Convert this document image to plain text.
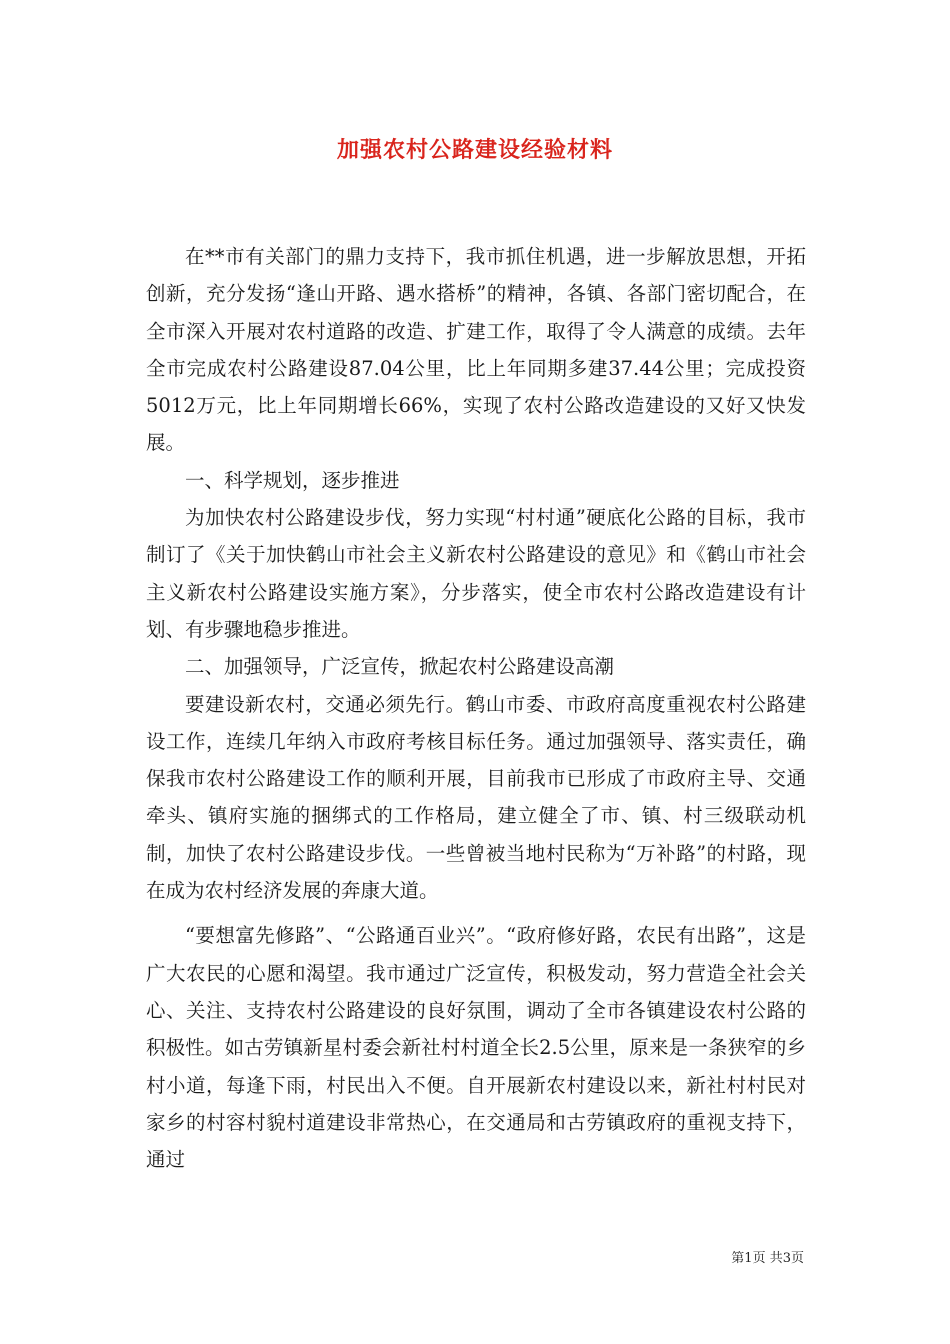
加强农村公路建设经验材料

在**市有关部门的鼎力支持下，我市抓住机遇，进一步解放思想，开拓创新，充分发扬“逢山开路、遇水搭桥”的精神，各镇、各部门密切配合，在全市深入开展对农村道路的改造、扩建工作，取得了令人满意的成绩。去年全市完成农村公路建设87.04公里，比上年同期多建37.44公里；完成投资5012万元，比上年同期增长66%，实现了农村公路改造建设的又好又快发展。

一、科学规划，逐步推进

为加快农村公路建设步伐，努力实现“村村通”硬底化公路的目标，我市制订了《关于加快鹤山市社会主义新农村公路建设的意见》和《鹤山市社会主义新农村公路建设实施方案》，分步落实，使全市农村公路改造建设有计划、有步骤地稳步推进。

二、加强领导，广泛宣传，掀起农村公路建设高潮

要建设新农村，交通必须先行。鹤山市委、市政府高度重视农村公路建设工作，连续几年纳入市政府考核目标任务。通过加强领导、落实责任，确保我市农村公路建设工作的顺利开展，目前我市已形成了市政府主导、交通牵头、镇府实施的捆绑式的工作格局，建立健全了市、镇、村三级联动机制，加快了农村公路建设步伐。一些曾被当地村民称为“万补路”的村路，现在成为农村经济发展的奔康大道。

“要想富先修路”、“公路通百业兴”。“政府修好路，农民有出路”，这是广大农民的心愿和渴望。我市通过广泛宣传，积极发动，努力营造全社会关心、关注、支持农村公路建设的良好氛围，调动了全市各镇建设农村公路的积极性。如古劳镇新星村委会新社村村道全长2.5公里，原来是一条狭窄的乡村小道，每逢下雨，村民出入不便。自开展新农村建设以来，新社村村民对家乡的村容村貌村道建设非常热心，在交通局和古劳镇政府的重视支持下，通过

第1页 共3页
